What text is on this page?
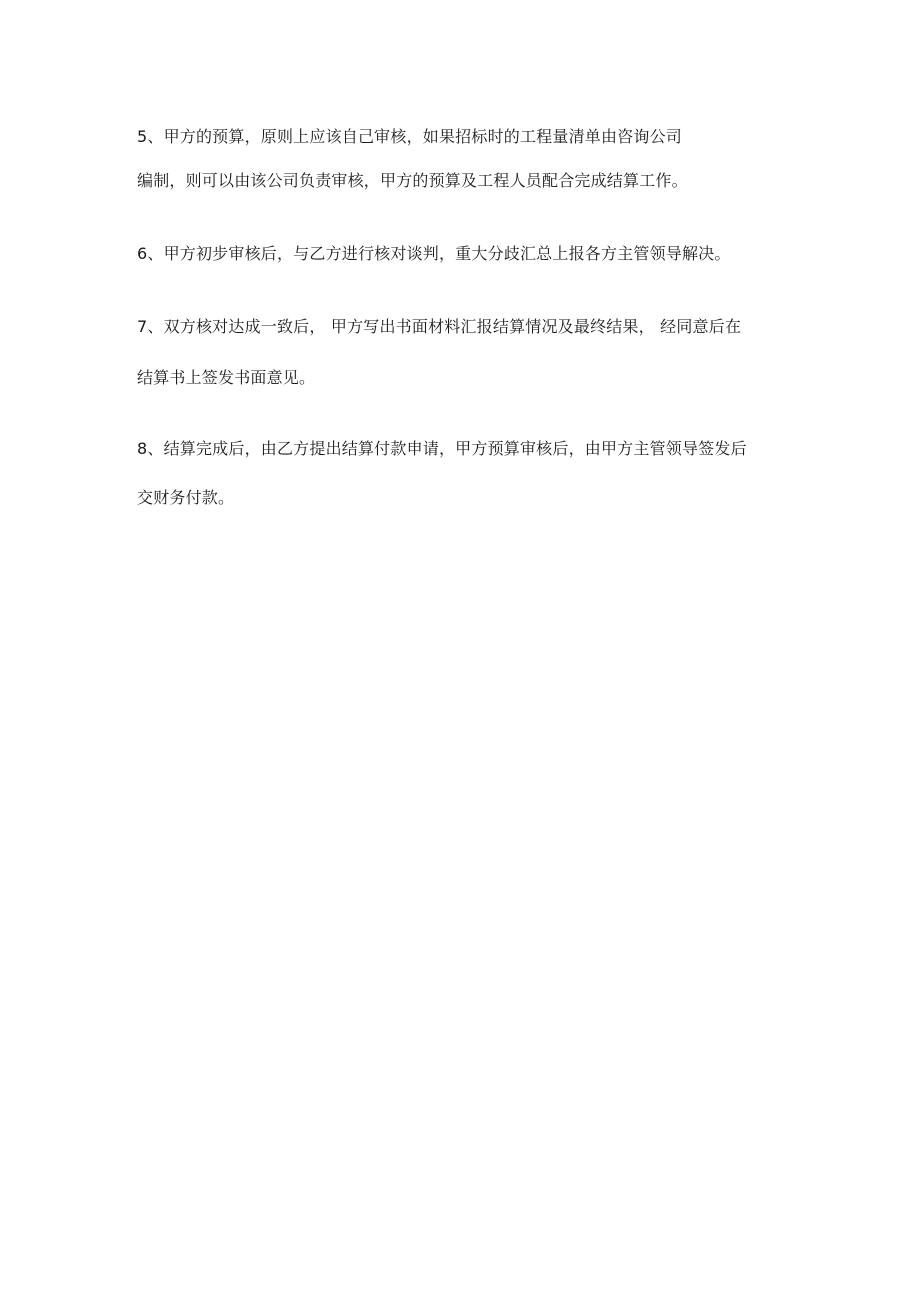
5、甲方的预算，原则上应该自己审核，如果招标时的工程量清单由咨询公司
编制，则可以由该公司负责审核，甲方的预算及工程人员配合完成结算工作。
6、甲方初步审核后，与乙方进行核对谈判，重大分歧汇总上报各方主管领导解决。
7、双方核对达成一致后， 甲方写出书面材料汇报结算情况及最终结果， 经同意后在
结算书上签发书面意见。
8、结算完成后，由乙方提出结算付款申请，甲方预算审核后，由甲方主管领导签发后
交财务付款。
